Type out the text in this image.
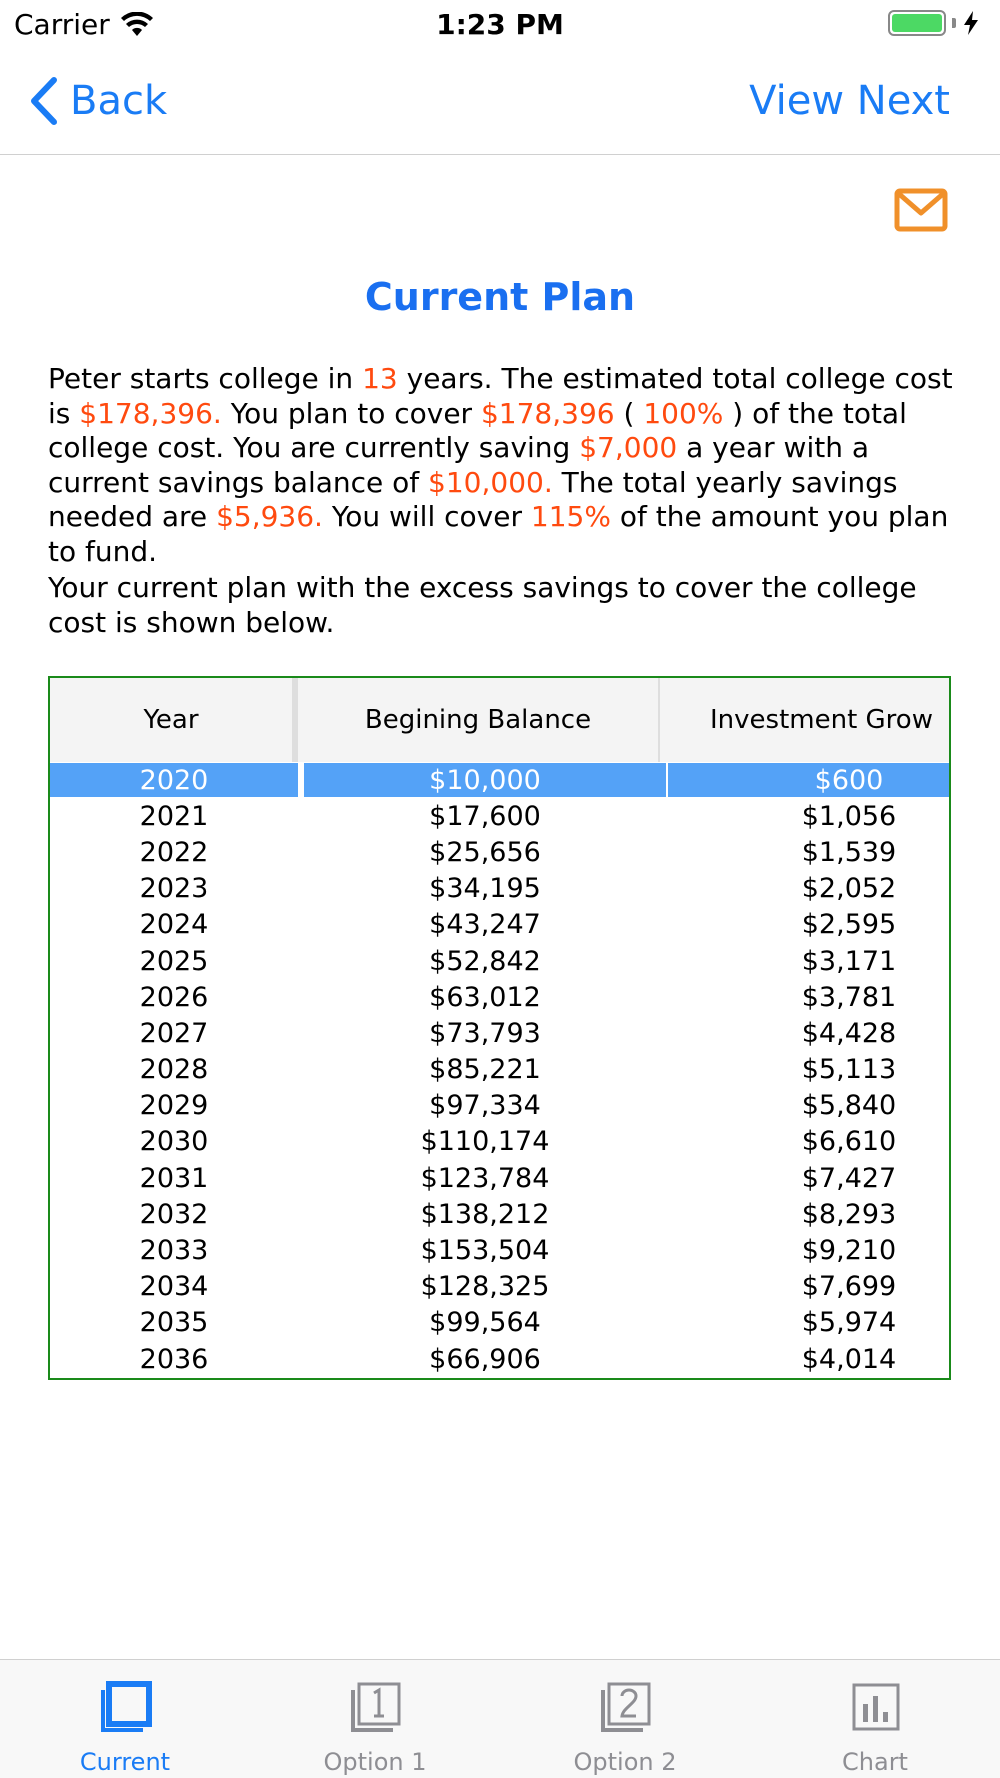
Carrier	1:23 PM
Back	View Next
Current Plan
Peter starts college in 13 years. The estimated total college cost is $178,396. You plan to cover $178,396 ( 100% ) of the total college cost. You are currently saving $7,000 a year with a current savings balance of $10,000. The total yearly savings needed are $5,936. You will cover 115% of the amount you plan to fund.
Your current plan with the excess savings to cover the college cost is shown below.
Year	Begining Balance	Investment Grow
2020	$10,000	$600
2021	$17,600	$1,056
2022	$25,656	$1,539
2023	$34,195	$2,052
2024	$43,247	$2,595
2025	$52,842	$3,171
2026	$63,012	$3,781
2027	$73,793	$4,428
2028	$85,221	$5,113
2029	$97,334	$5,840
2030	$110,174	$6,610
2031	$123,784	$7,427
2032	$138,212	$8,293
2033	$153,504	$9,210
2034	$128,325	$7,699
2035	$99,564	$5,974
2036	$66,906	$4,014
Current	Option 1	Option 2	Chart
